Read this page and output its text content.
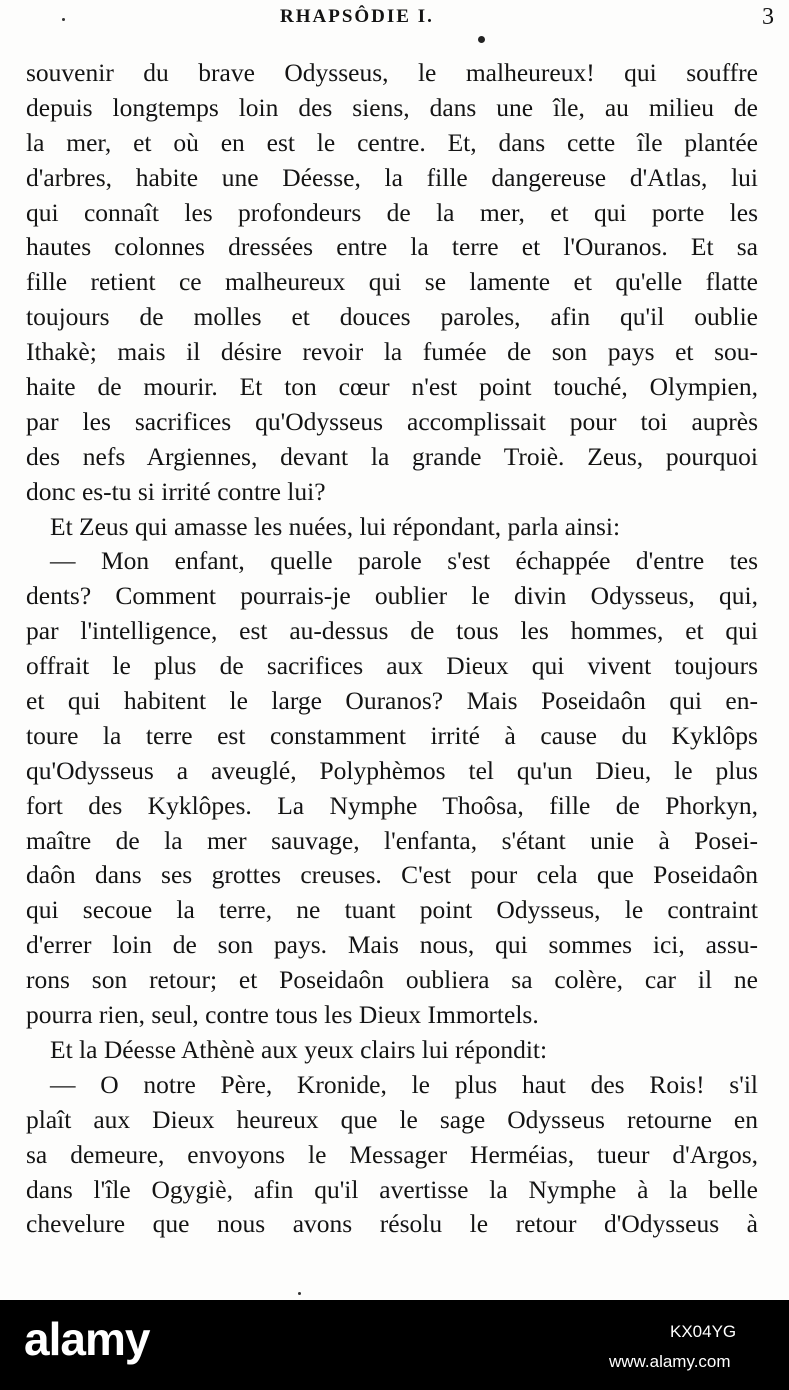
RHAPSÔDIE I.	3
souvenir du brave Odysseus, le malheureux! qui souffre
depuis longtemps loin des siens, dans une île, au milieu de
la mer, et où en est le centre. Et, dans cette île plantée
d'arbres, habite une Déesse, la fille dangereuse d'Atlas, lui
qui connaît les profondeurs de la mer, et qui porte les
hautes colonnes dressées entre la terre et l'Ouranos. Et sa
fille retient ce malheureux qui se lamente et qu'elle flatte
toujours de molles et douces paroles, afin qu'il oublie
Ithakè; mais il désire revoir la fumée de son pays et sou-
haite de mourir. Et ton cœur n'est point touché, Olympien,
par les sacrifices qu'Odysseus accomplissait pour toi auprès
des nefs Argiennes, devant la grande Troiè. Zeus, pourquoi
donc es-tu si irrité contre lui?
Et Zeus qui amasse les nuées, lui répondant, parla ainsi:
— Mon enfant, quelle parole s'est échappée d'entre tes
dents? Comment pourrais-je oublier le divin Odysseus, qui,
par l'intelligence, est au-dessus de tous les hommes, et qui
offrait le plus de sacrifices aux Dieux qui vivent toujours
et qui habitent le large Ouranos? Mais Poseidaôn qui en-
toure la terre est constamment irrité à cause du Kyklôps
qu'Odysseus a aveuglé, Polyphèmos tel qu'un Dieu, le plus
fort des Kyklôpes. La Nymphe Thoôsa, fille de Phorkyn,
maître de la mer sauvage, l'enfanta, s'étant unie à Posei-
daôn dans ses grottes creuses. C'est pour cela que Poseidaôn
qui secoue la terre, ne tuant point Odysseus, le contraint
d'errer loin de son pays. Mais nous, qui sommes ici, assu-
rons son retour; et Poseidaôn oubliera sa colère, car il ne
pourra rien, seul, contre tous les Dieux Immortels.
Et la Déesse Athènè aux yeux clairs lui répondit:
— O notre Père, Kronide, le plus haut des Rois! s'il
plaît aux Dieux heureux que le sage Odysseus retourne en
sa demeure, envoyons le Messager Herméias, tueur d'Argos,
dans l'île Ogygiè, afin qu'il avertisse la Nymphe à la belle
chevelure que nous avons résolu le retour d'Odysseus à
alamy	KX04YG
www.alamy.com
